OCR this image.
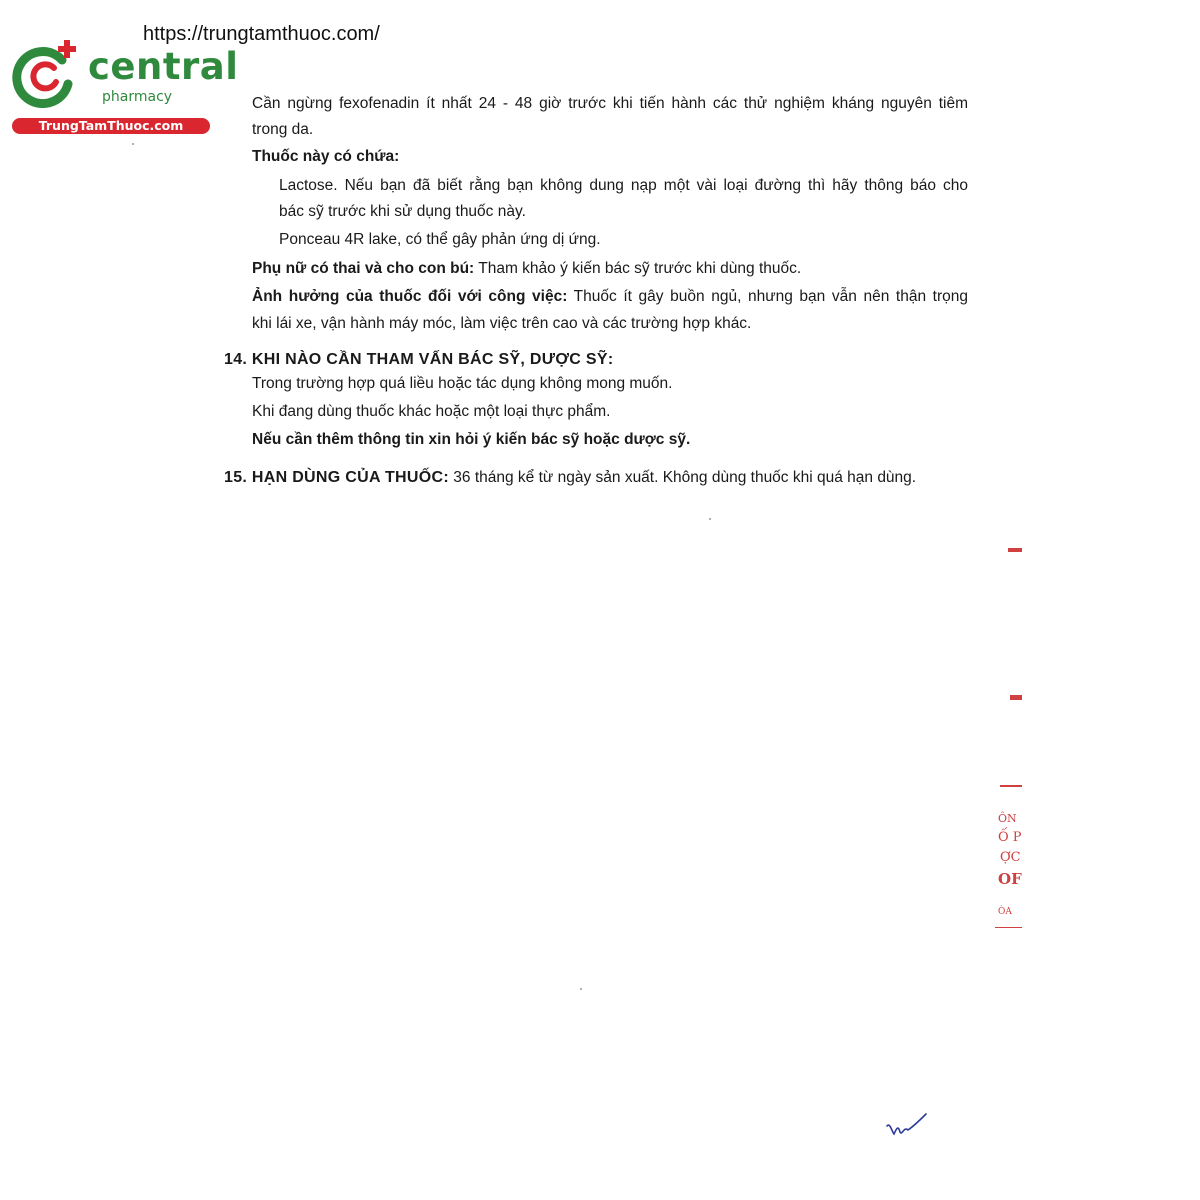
https://trungtamthuoc.com/
central
pharmacy
TrungTamThuoc.com
Cần ngừng fexofenadin ít nhất 24 - 48 giờ trước khi tiến hành các thử nghiệm kháng nguyên tiêm
trong da.
Thuốc này có chứa:
Lactose. Nếu bạn đã biết rằng bạn không dung nạp một vài loại đường thì hãy thông báo cho
bác sỹ trước khi sử dụng thuốc này.
Ponceau 4R lake, có thể gây phản ứng dị ứng.
Phụ nữ có thai và cho con bú: Tham khảo ý kiến bác sỹ trước khi dùng thuốc.
Ảnh hưởng của thuốc đối với công việc: Thuốc ít gây buồn ngủ, nhưng bạn vẫn nên thận trọng
khi lái xe, vận hành máy móc, làm việc trên cao và các trường hợp khác.
14. KHI NÀO CẦN THAM VẤN BÁC SỸ, DƯỢC SỸ:
Trong trường hợp quá liều hoặc tác dụng không mong muốn.
Khi đang dùng thuốc khác hoặc một loại thực phẩm.
Nếu cần thêm thông tin xin hỏi ý kiến bác sỹ hoặc dược sỹ.
15. HẠN DÙNG CỦA THUỐC: 36 tháng kể từ ngày sản xuất. Không dùng thuốc khi quá hạn dùng.
ÔN
Ố P
ỢC
OF
ÒA
